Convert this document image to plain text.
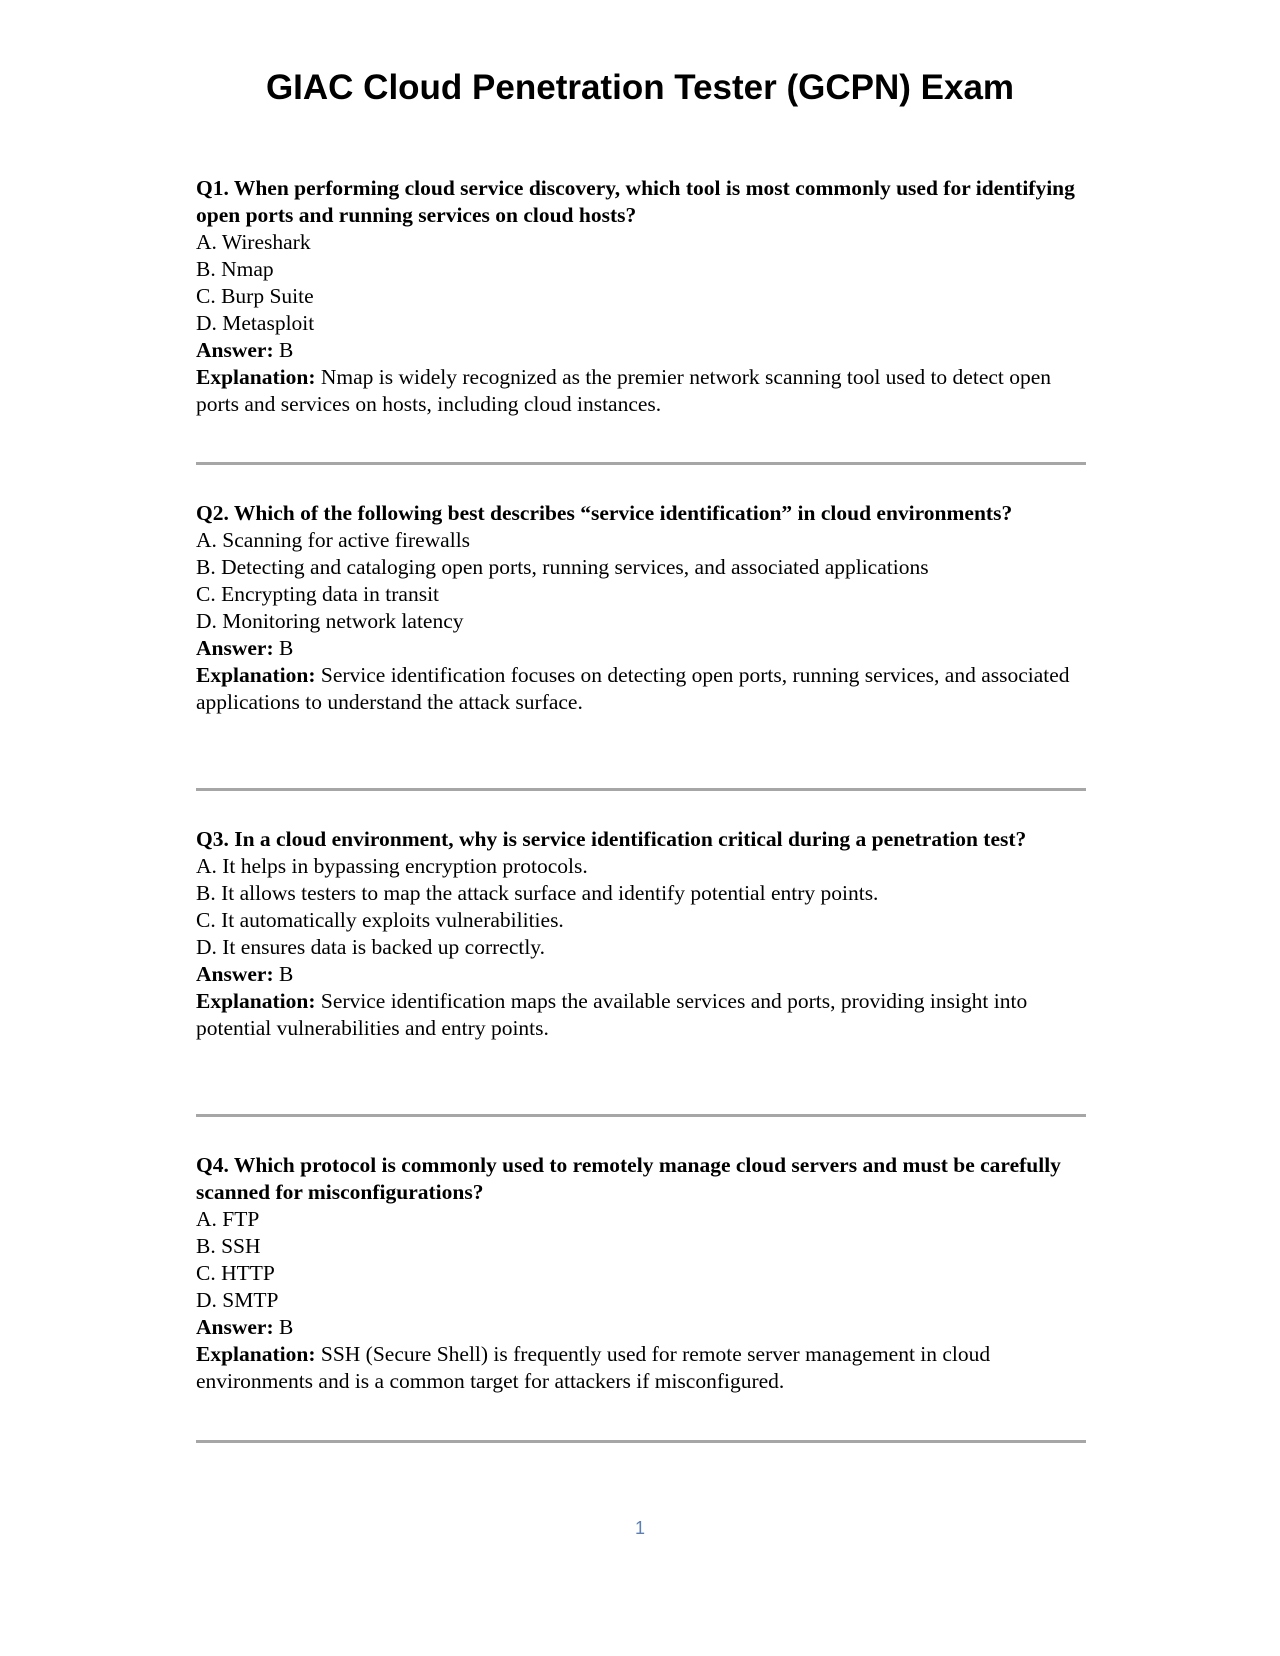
GIAC Cloud Penetration Tester (GCPN) Exam

Q1. When performing cloud service discovery, which tool is most commonly used for identifying open ports and running services on cloud hosts?

A. Wireshark

B. Nmap

C. Burp Suite

D. Metasploit

Answer: B

Explanation: Nmap is widely recognized as the premier network scanning tool used to detect open ports and services on hosts, including cloud instances.

Q2. Which of the following best describes “service identification” in cloud environments?

A. Scanning for active firewalls

B. Detecting and cataloging open ports, running services, and associated applications

C. Encrypting data in transit

D. Monitoring network latency

Answer: B

Explanation: Service identification focuses on detecting open ports, running services, and associated applications to understand the attack surface.

Q3. In a cloud environment, why is service identification critical during a penetration test?

A. It helps in bypassing encryption protocols.

B. It allows testers to map the attack surface and identify potential entry points.

C. It automatically exploits vulnerabilities.

D. It ensures data is backed up correctly.

Answer: B

Explanation: Service identification maps the available services and ports, providing insight into potential vulnerabilities and entry points.

Q4. Which protocol is commonly used to remotely manage cloud servers and must be carefully scanned for misconfigurations?

A. FTP

B. SSH

C. HTTP

D. SMTP

Answer: B

Explanation: SSH (Secure Shell) is frequently used for remote server management in cloud environments and is a common target for attackers if misconfigured.

1
